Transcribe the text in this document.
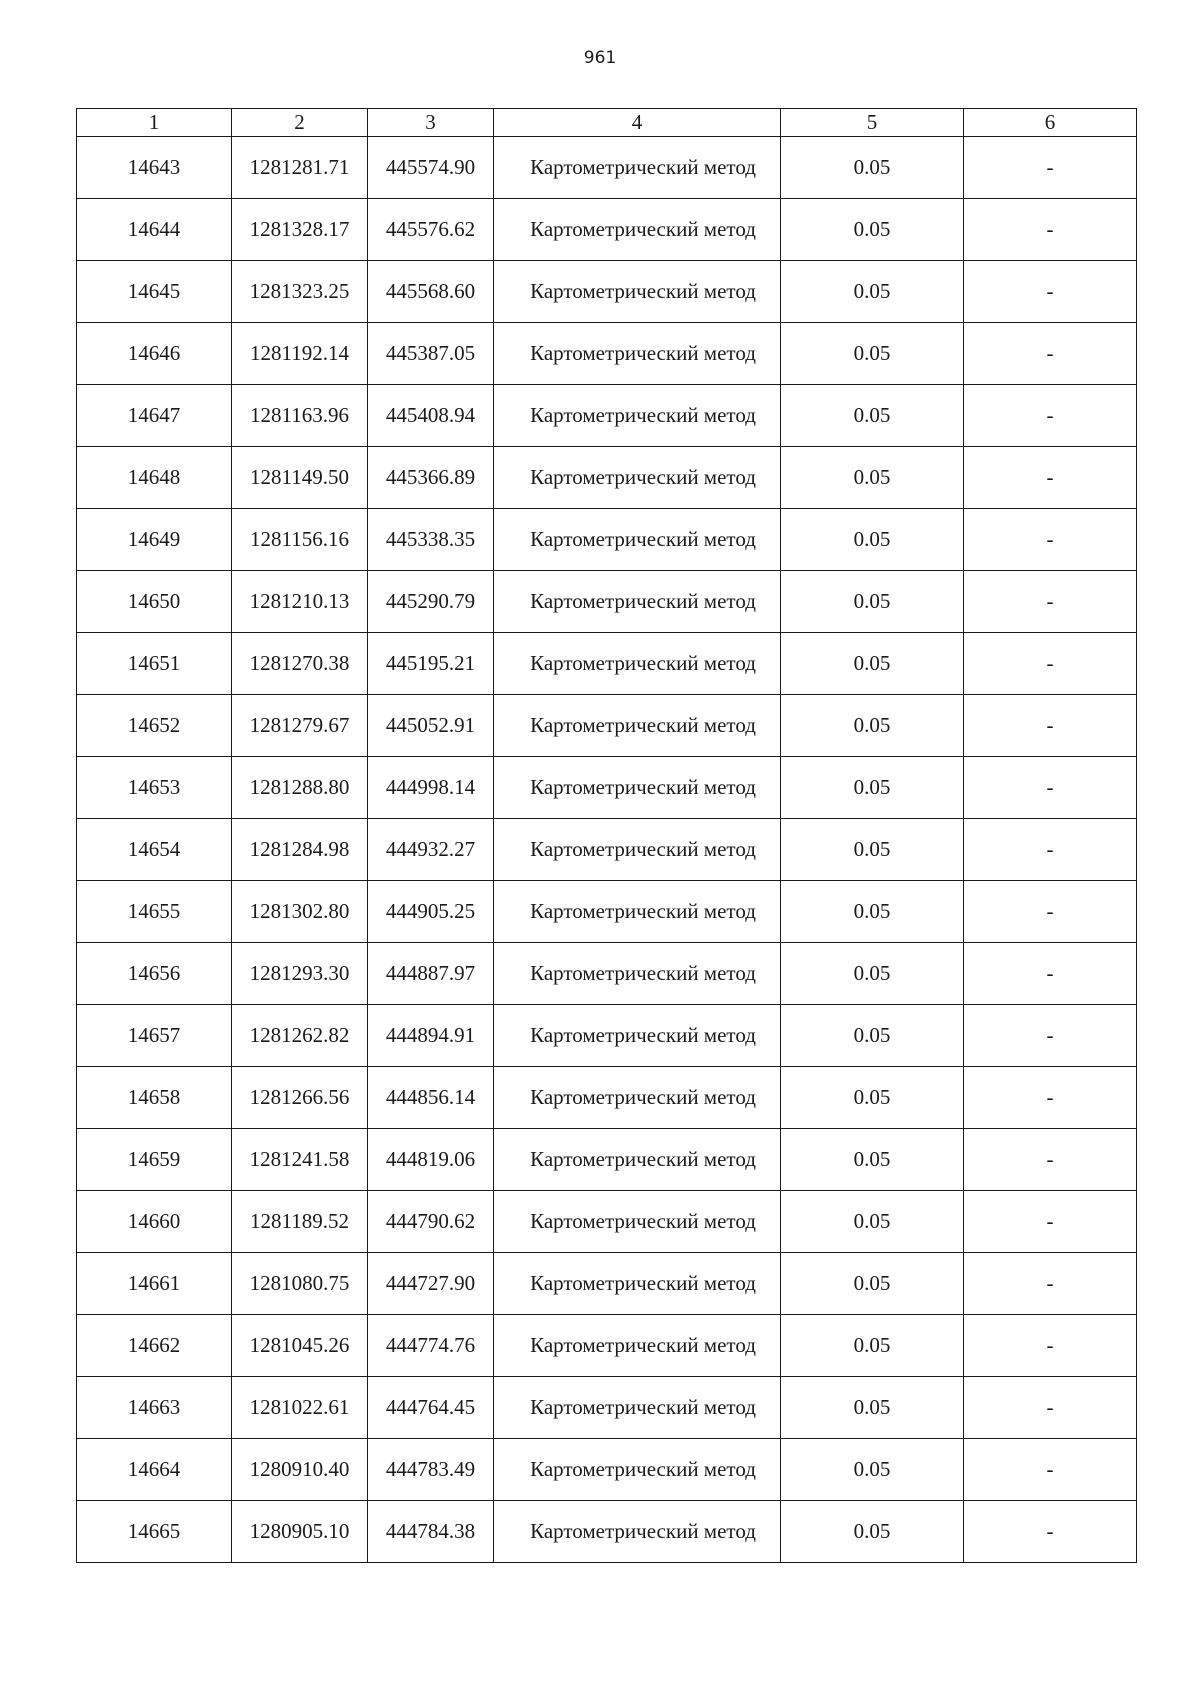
961
1	2	3	4	5	6
14643	1281281.71	445574.90	Картометрический метод	0.05	-
14644	1281328.17	445576.62	Картометрический метод	0.05	-
14645	1281323.25	445568.60	Картометрический метод	0.05	-
14646	1281192.14	445387.05	Картометрический метод	0.05	-
14647	1281163.96	445408.94	Картометрический метод	0.05	-
14648	1281149.50	445366.89	Картометрический метод	0.05	-
14649	1281156.16	445338.35	Картометрический метод	0.05	-
14650	1281210.13	445290.79	Картометрический метод	0.05	-
14651	1281270.38	445195.21	Картометрический метод	0.05	-
14652	1281279.67	445052.91	Картометрический метод	0.05	-
14653	1281288.80	444998.14	Картометрический метод	0.05	-
14654	1281284.98	444932.27	Картометрический метод	0.05	-
14655	1281302.80	444905.25	Картометрический метод	0.05	-
14656	1281293.30	444887.97	Картометрический метод	0.05	-
14657	1281262.82	444894.91	Картометрический метод	0.05	-
14658	1281266.56	444856.14	Картометрический метод	0.05	-
14659	1281241.58	444819.06	Картометрический метод	0.05	-
14660	1281189.52	444790.62	Картометрический метод	0.05	-
14661	1281080.75	444727.90	Картометрический метод	0.05	-
14662	1281045.26	444774.76	Картометрический метод	0.05	-
14663	1281022.61	444764.45	Картометрический метод	0.05	-
14664	1280910.40	444783.49	Картометрический метод	0.05	-
14665	1280905.10	444784.38	Картометрический метод	0.05	-
